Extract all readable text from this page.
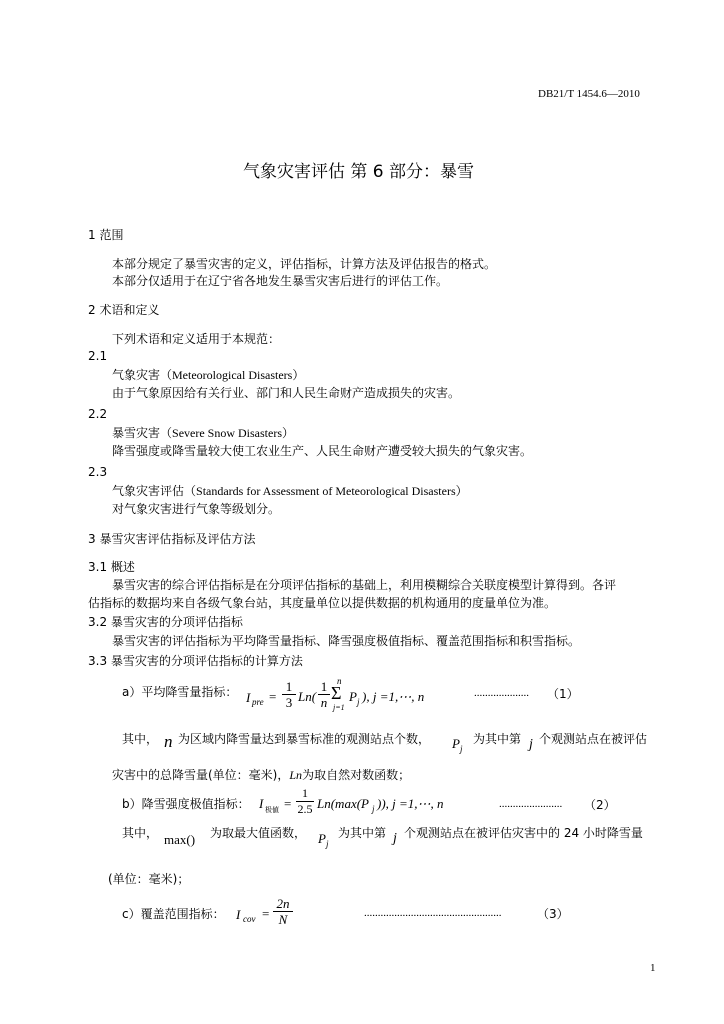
DB21/T 1454.6—2010
气象灾害评估 第 6 部分：暴雪
1 范围
本部分规定了暴雪灾害的定义，评估指标，计算方法及评估报告的格式。
本部分仅适用于在辽宁省各地发生暴雪灾害后进行的评估工作。
2 术语和定义
下列术语和定义适用于本规范：
2.1
气象灾害（Meteorological Disasters）
由于气象原因给有关行业、部门和人民生命财产造成损失的灾害。
2.2
暴雪灾害（Severe Snow Disasters）
降雪强度或降雪量较大使工农业生产、人民生命财产遭受较大损失的气象灾害。
2.3
气象灾害评估（Standards for Assessment of Meteorological Disasters）
对气象灾害进行气象等级划分。
3 暴雪灾害评估指标及评估方法
3.1 概述
暴雪灾害的综合评估指标是在分项评估指标的基础上，利用模糊综合关联度模型计算得到。各评
估指标的数据均来自各级气象台站，其度量单位以提供数据的机构通用的度量单位为准。
3.2 暴雪灾害的分项评估指标
暴雪灾害的评估指标为平均降雪量指标、降雪强度极值指标、覆盖范围指标和积雪指标。
3.3 暴雪灾害的分项评估指标的计算方法
a）平均降雪量指标： I pre = $\frac{1}{3} Ln( \frac{1}{n}$ n
Σ
j=1
P j ), j =1,⋯, n	.................... （1）
其中， n 为区域内降雪量达到暴雪标准的观测站点个数， P j
为其中第 j 个观测站点在被评估
灾害中的总降雪量(单位：毫米)，Ln为取自然对数函数；
b）降雪强度极值指标： I 极値 = $\frac{1}{2.5} Ln(\max(P$ j )), j =1,⋯, n	....................... （2）
其中， max() 为取最大值函数， P j
为其中第 j 个观测站点在被评估灾害中的 24 小时降雪量
(单位：毫米)；
c）覆盖范围指标： I cov = $\frac{2n}{N}$	..................................................	（3）
1
